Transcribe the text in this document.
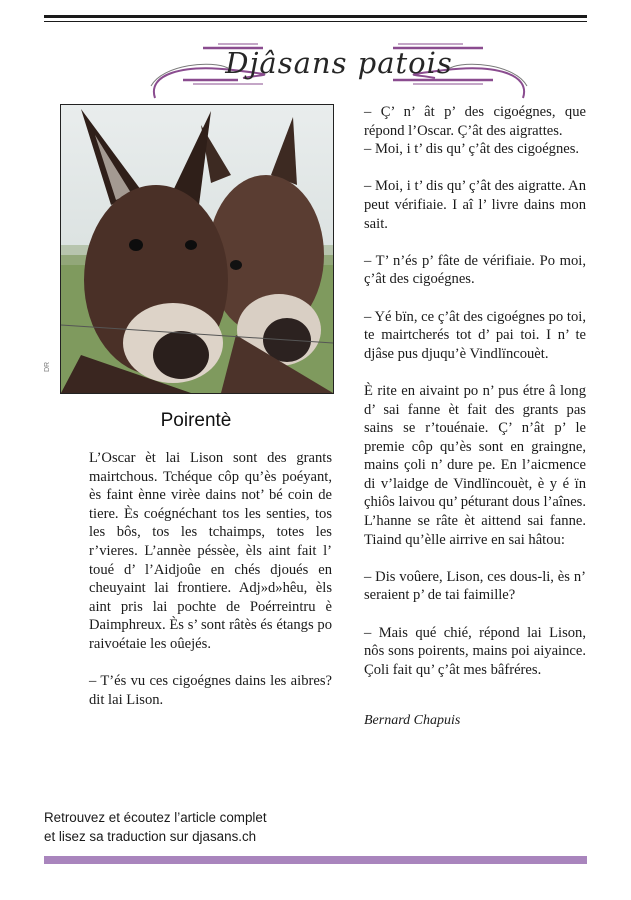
Djâsans patois
DR
Poirentè

L’Oscar èt lai Lison sont des grants mairtchous. Tchéque côp qu’ès poéyant, ès faint ènne virèe dains not’ bé coin de tiere. Ès coégnéchant tos les senties, tos les bôs, tos les tchaimps, totes les r’vieres. L’annèe péssèe, èls aint fait l’ toué d’ l’Aidjoûe en chés djoués en cheuyaint lai frontiere. Adj»d»hêu, èls aint pris lai pochte de Poérreintru è Daimphreux. Ès s’ sont râtès és étangs po raivoétaie les oûejés.

– T’és vu ces cigoégnes dains les aibres? dit lai Lison.

– Ç’ n’ ât p’ des cigoégnes, que répond l’Oscar. Ç’ât des aigrattes.

– Moi, i t’ dis qu’ ç’ât des cigoégnes.

– Moi, i t’ dis qu’ ç’ât des aigratte. An peut vérifiaie. I aî l’ livre dains mon sait.

– T’ n’és p’ fâte de vérifiaie. Po moi, ç’ât des cigoégnes.

– Yé bïn, ce ç’ât des cigoégnes po toi, te mairtcherés tot d’ pai toi. I n’ te djâse pus djuqu’è Vindlïncouèt.

È rite en aivaint po n’ pus étre â long d’ sai fanne èt fait des grants pas sains se r’touénaie. Ç’ n’ât p’ le premie côp qu’ès sont en graingne, mains çoli n’ dure pe. En l’aicmence di v’laidge de Vindlïncouèt, è y é ïn çhiôs laivou qu’ péturant dous l’aînes. L’hanne se râte èt aittend sai fanne. Tiaind qu’èlle airrive en sai hâtou:

– Dis voûere, Lison, ces dous-li, ès n’ seraient p’ de tai faimille?

– Mais qué chié, répond lai Lison, nôs sons poirents, mains poi aiyaince. Çoli fait qu’ ç’ât mes bâfréres.

Bernard Chapuis

Retrouvez et écoutez l’article complet
et lisez sa traduction sur djasans.ch
